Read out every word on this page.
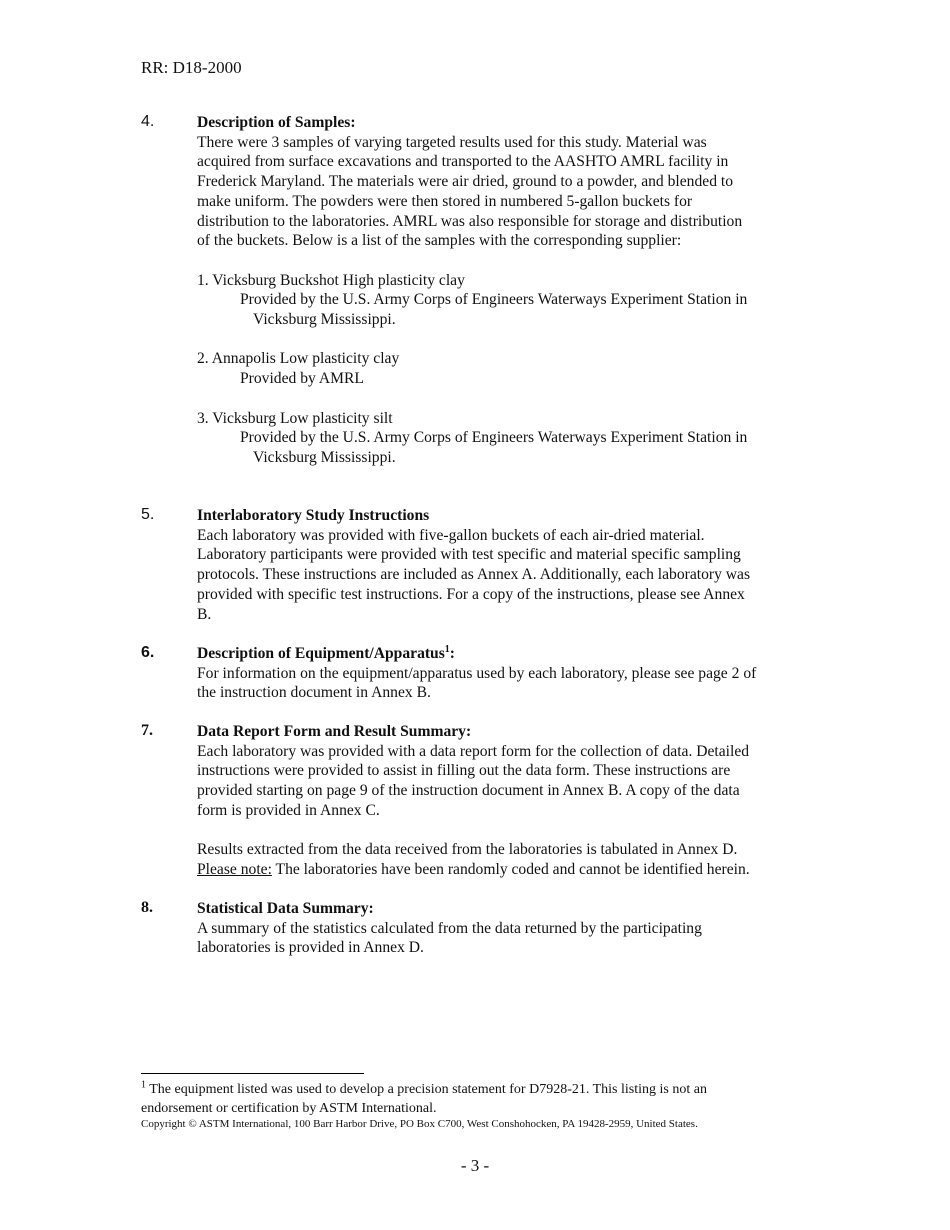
RR: D18-2000
4.	Description of Samples:
There were 3 samples of varying targeted results used for this study. Material was
acquired from surface excavations and transported to the AASHTO AMRL facility in
Frederick Maryland. The materials were air dried, ground to a powder, and blended to
make uniform. The powders were then stored in numbered 5-gallon buckets for
distribution to the laboratories. AMRL was also responsible for storage and distribution
of the buckets. Below is a list of the samples with the corresponding supplier:
1. Vicksburg Buckshot High plasticity clay
Provided by the U.S. Army Corps of Engineers Waterways Experiment Station in
Vicksburg Mississippi.
2. Annapolis Low plasticity clay
Provided by AMRL
3. Vicksburg Low plasticity silt
Provided by the U.S. Army Corps of Engineers Waterways Experiment Station in
Vicksburg Mississippi.
5.	Interlaboratory Study Instructions
Each laboratory was provided with five-gallon buckets of each air-dried material.
Laboratory participants were provided with test specific and material specific sampling
protocols. These instructions are included as Annex A. Additionally, each laboratory was
provided with specific test instructions. For a copy of the instructions, please see Annex
B.
6.	Description of Equipment/Apparatus$^1$:
For information on the equipment/apparatus used by each laboratory, please see page 2 of
the instruction document in Annex B.
7.	Data Report Form and Result Summary:
Each laboratory was provided with a data report form for the collection of data. Detailed
instructions were provided to assist in filling out the data form. These instructions are
provided starting on page 9 of the instruction document in Annex B. A copy of the data
form is provided in Annex C.
Results extracted from the data received from the laboratories is tabulated in Annex D.
Please note: The laboratories have been randomly coded and cannot be identified herein.
8.	Statistical Data Summary:
A summary of the statistics calculated from the data returned by the participating
laboratories is provided in Annex D.
$^1$ The equipment listed was used to develop a precision statement for D7928-21. This listing is not an
endorsement or certification by ASTM International.
Copyright © ASTM International, 100 Barr Harbor Drive, PO Box C700, West Conshohocken, PA 19428-2959, United States.
- 3 -
